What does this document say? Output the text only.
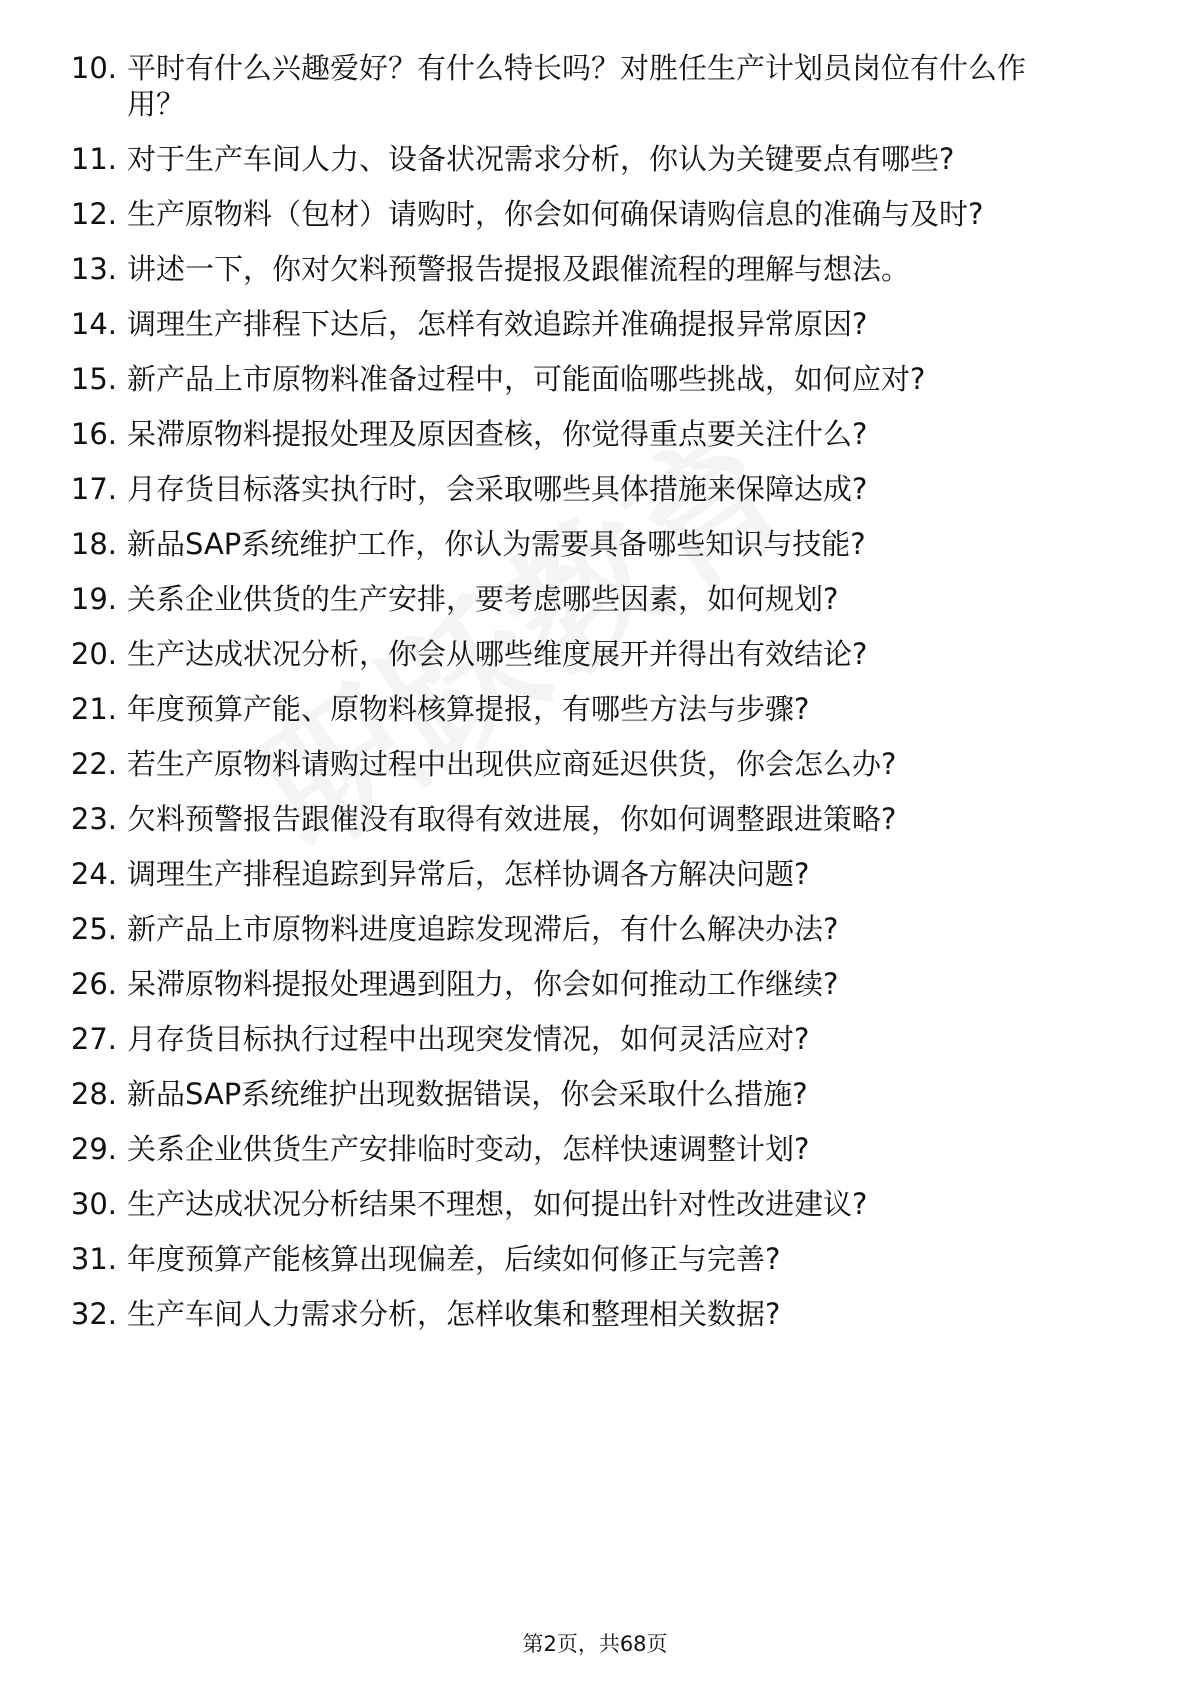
10. 平时有什么兴趣爱好？有什么特长吗？对胜任生产计划员岗位有什么作用？
11. 对于生产车间人力、设备状况需求分析，你认为关键要点有哪些?
12. 生产原物料（包材）请购时，你会如何确保请购信息的准确与及时?
13. 讲述一下，你对欠料预警报告提报及跟催流程的理解与想法。
14. 调理生产排程下达后，怎样有效追踪并准确提报异常原因?
15. 新产品上市原物料准备过程中，可能面临哪些挑战，如何应对?
16. 呆滞原物料提报处理及原因查核，你觉得重点要关注什么?
17. 月存货目标落实执行时，会采取哪些具体措施来保障达成?
18. 新品SAP系统维护工作，你认为需要具备哪些知识与技能?
19. 关系企业供货的生产安排，要考虑哪些因素，如何规划?
20. 生产达成状况分析，你会从哪些维度展开并得出有效结论?
21. 年度预算产能、原物料核算提报，有哪些方法与步骤?
22. 若生产原物料请购过程中出现供应商延迟供货，你会怎么办?
23. 欠料预警报告跟催没有取得有效进展，你如何调整跟进策略?
24. 调理生产排程追踪到异常后，怎样协调各方解决问题?
25. 新产品上市原物料进度追踪发现滞后，有什么解决办法?
26. 呆滞原物料提报处理遇到阻力，你会如何推动工作继续?
27. 月存货目标执行过程中出现突发情况，如何灵活应对?
28. 新品SAP系统维护出现数据错误，你会采取什么措施?
29. 关系企业供货生产安排临时变动，怎样快速调整计划?
30. 生产达成状况分析结果不理想，如何提出针对性改进建议?
31. 年度预算产能核算出现偏差，后续如何修正与完善?
32. 生产车间人力需求分析，怎样收集和整理相关数据?
第2页，共68页
